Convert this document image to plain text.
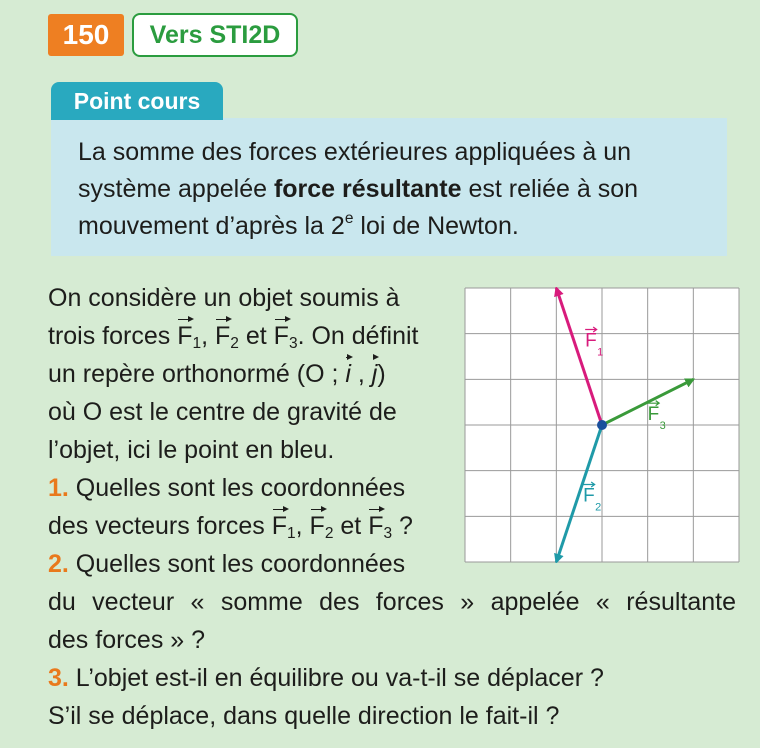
150	Vers STI2D
Point cours
La somme des forces extérieures appliquées à un
système appelée force résultante est reliée à son
mouvement d’après la 2e loi de Newton.
On considère un objet soumis à
trois forces $F_1$, $F_2$ et $F_3$. On définit
un repère orthonormé (O ; i , j)
où O est le centre de gravité de
l’objet, ici le point en bleu.
1. Quelles sont les coordonnées
des vecteurs forces $F_1$, $F_2$ et $F_3$ ?
2. Quelles sont les coordonnées
du vecteur « somme des forces » appelée « résultante
des forces » ?
3. L’objet est-il en équilibre ou va-t-il se déplacer ?
S’il se déplace, dans quelle direction le fait-il ?
F
1
F
2
F
3
